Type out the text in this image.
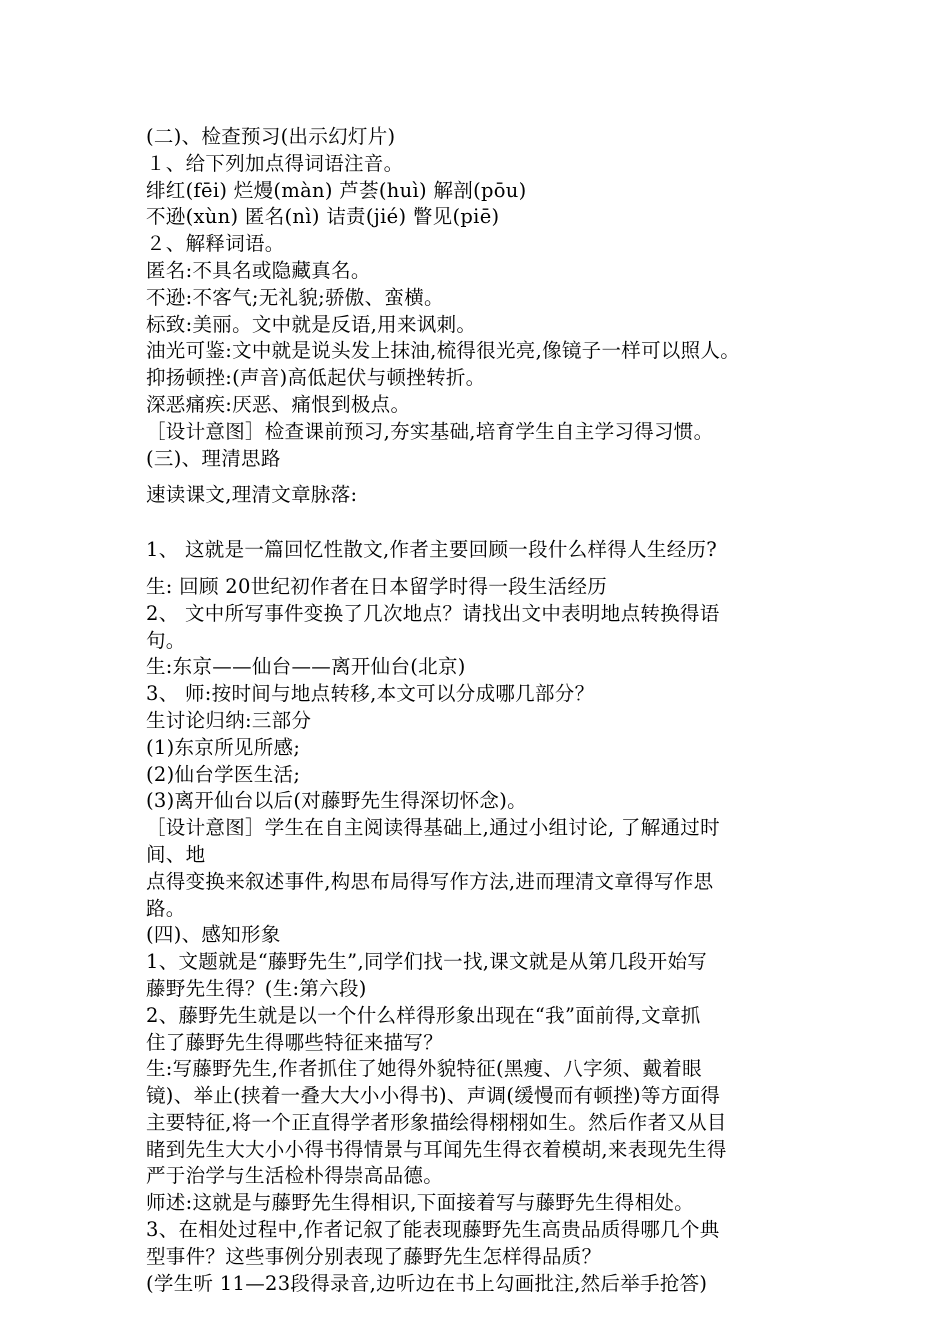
(二)、检查预习(出示幻灯片)
１、给下列加点得词语注音。
绯红(fēi) 烂熳(màn) 芦荟(huì) 解剖(pōu)
不逊(xùn) 匿名(nì) 诘责(jié) 瞥见(piē)
２、解释词语。
匿名:不具名或隐藏真名。
不逊:不客气;无礼貌;骄傲、蛮横。
标致:美丽。文中就是反语,用来讽刺。
油光可鉴:文中就是说头发上抹油,梳得很光亮,像镜子一样可以照人。
抑扬顿挫:(声音)高低起伏与顿挫转折。
深恶痛疾:厌恶、痛恨到极点。
［设计意图］检查课前预习,夯实基础,培育学生自主学习得习惯。
(三)、理清思路
速读课文,理清文章脉落:
1、 这就是一篇回忆性散文,作者主要回顾一段什么样得人生经历?
生: 回顾 20世纪初作者在日本留学时得一段生活经历
2、 文中所写事件变换了几次地点？请找出文中表明地点转换得语
句。
生:东京——仙台——离开仙台(北京)
3、 师:按时间与地点转移,本文可以分成哪几部分？
生讨论归纳:三部分
(1)东京所见所感;
(2)仙台学医生活;
(3)离开仙台以后(对藤野先生得深切怀念)。
［设计意图］学生在自主阅读得基础上,通过小组讨论, 了解通过时
间、地
点得变换来叙述事件,构思布局得写作方法,进而理清文章得写作思
路。
(四)、感知形象
1、文题就是“藤野先生”,同学们找一找,课文就是从第几段开始写
藤野先生得？(生:第六段)
2、藤野先生就是以一个什么样得形象出现在“我”面前得,文章抓
住了藤野先生得哪些特征来描写？
生:写藤野先生,作者抓住了她得外貌特征(黑瘦、八字须、戴着眼
镜)、举止(挟着一叠大大小小得书)、声调(缓慢而有顿挫)等方面得
主要特征,将一个正直得学者形象描绘得栩栩如生。然后作者又从目
睹到先生大大小小得书得情景与耳闻先生得衣着模胡,来表现先生得
严于治学与生活检朴得崇高品德。
师述:这就是与藤野先生得相识,下面接着写与藤野先生得相处。
3、在相处过程中,作者记叙了能表现藤野先生高贵品质得哪几个典
型事件？这些事例分别表现了藤野先生怎样得品质？
(学生听 11—23段得录音,边听边在书上勾画批注,然后举手抢答)
